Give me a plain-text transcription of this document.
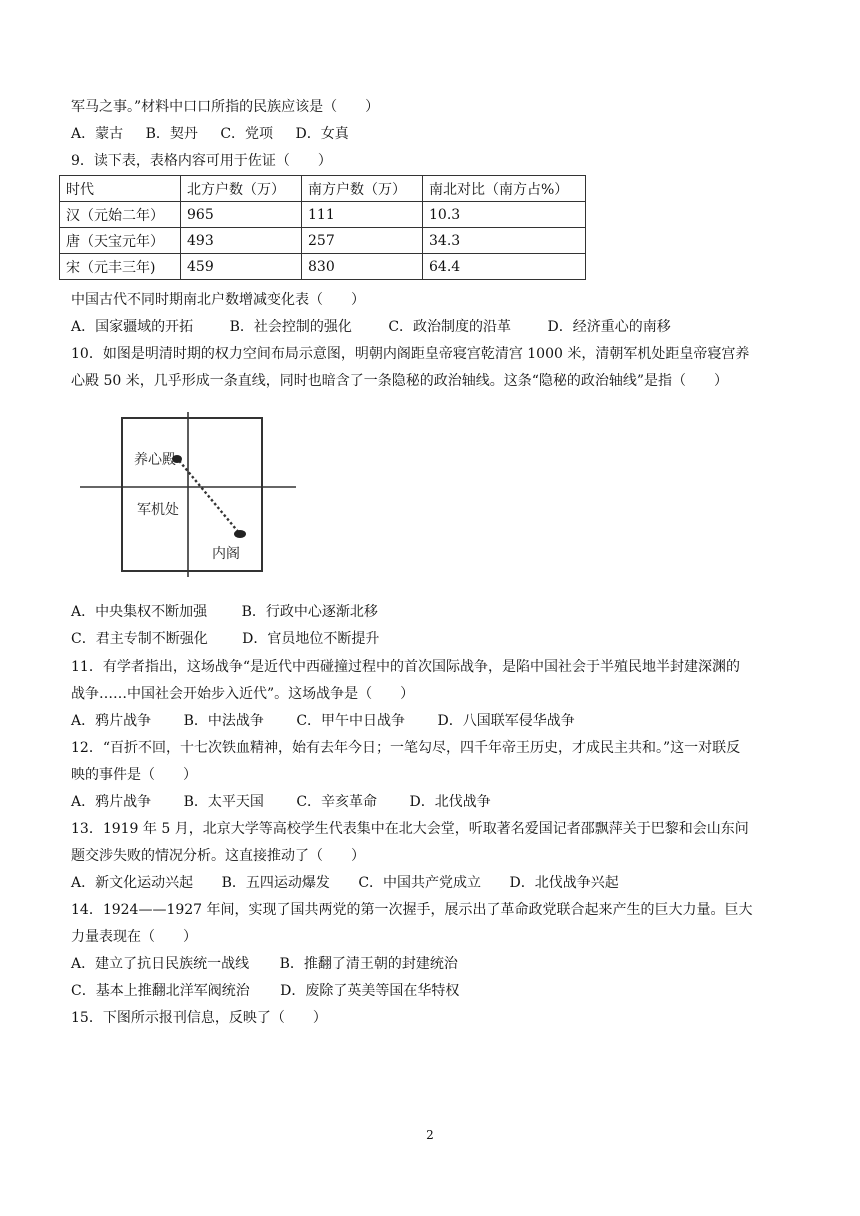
军马之事。”材料中口口所指的民族应该是（　　）
A．蒙古 B．契丹 C．党项 D．女真
9．读下表，表格内容可用于佐证（　　）
时代	北方户数（万）	南方户数（万）	南北对比（南方占%）
汉（元始二年）	965	111	10.3
唐（天宝元年）	493	257	34.3
宋（元丰三年)	459	830	64.4
中国古代不同时期南北户数增减变化表（　　）
A．国家疆域的开拓	B．社会控制的强化	C．政治制度的沿革	D．经济重心的南移
10．如图是明清时期的权力空间布局示意图，明朝内阁距皇帝寝宫乾清宫 1000 米，清朝军机处距皇帝寝宫养
心殿 50 米，几乎形成一条直线，同时也暗含了一条隐秘的政治轴线。这条“隐秘的政治轴线”是指（　　）
养心殿
军机处
内阁
A．中央集权不断加强 B．行政中心逐渐北移
C．君主专制不断强化 D．官员地位不断提升
11．有学者指出，这场战争“是近代中西碰撞过程中的首次国际战争，是陷中国社会于半殖民地半封建深渊的
战争……中国社会开始步入近代”。这场战争是（　　）
A．鸦片战争 B．中法战争 C．甲午中日战争 D．八国联军侵华战争
12．“百折不回，十七次铁血精神，始有去年今日；一笔勾尽，四千年帝王历史，才成民主共和。”这一对联反
映的事件是（　　）
A．鸦片战争 B．太平天国 C．辛亥革命 D．北伐战争
13．1919 年 5 月，北京大学等高校学生代表集中在北大会堂，听取著名爱国记者邵飘萍关于巴黎和会山东问
题交涉失败的情况分析。这直接推动了（　　）
A．新文化运动兴起 B．五四运动爆发 C．中国共产党成立 D．北伐战争兴起
14．1924——1927 年间，实现了国共两党的第一次握手，展示出了革命政党联合起来产生的巨大力量。巨大
力量表现在（　　）
A．建立了抗日民族统一战线 B．推翻了清王朝的封建统治
C．基本上推翻北洋军阀统治 D．废除了英美等国在华特权
15．下图所示报刊信息，反映了（　　）
2
